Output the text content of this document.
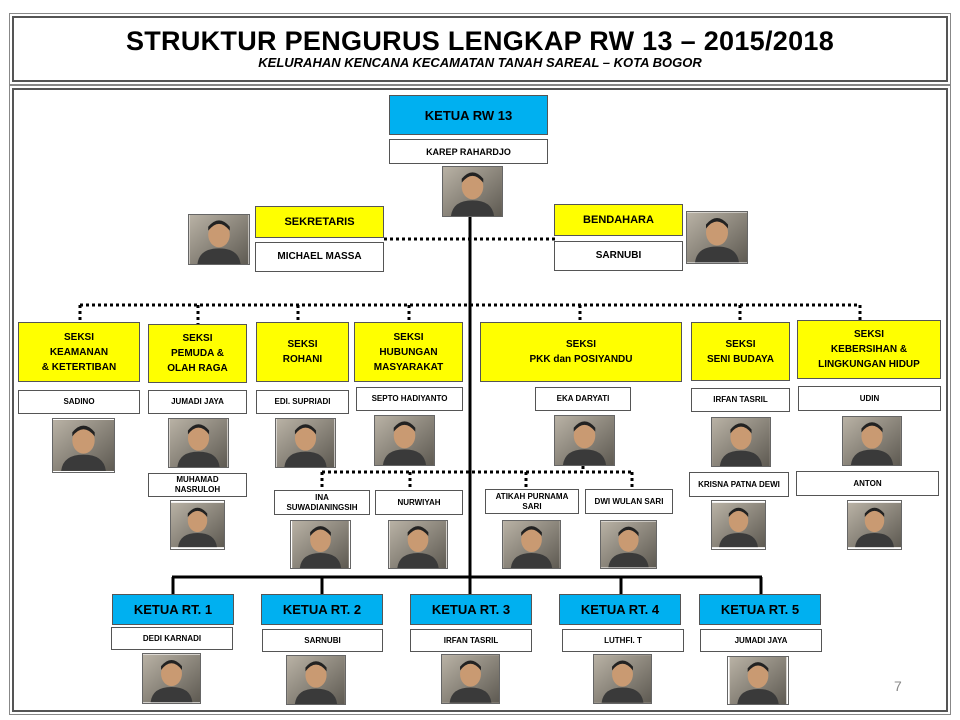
STRUKTUR PENGURUS LENGKAP RW 13 – 2015/2018
KELURAHAN KENCANA KECAMATAN TANAH SAREAL – KOTA BOGOR
KETUA RW 13
KAREP RAHARDJO
SEKRETARIS
MICHAEL MASSA
BENDAHARA
SARNUBI
SEKSI
KEAMANAN
& KETERTIBAN
SADINO
SEKSI
PEMUDA &
OLAH RAGA
JUMADI JAYA
MUHAMAD
NASRULOH
SEKSI
ROHANI
EDI. SUPRIADI
SEKSI
HUBUNGAN
MASYARAKAT
SEPTO HADIYANTO
SEKSI
PKK dan POSIYANDU
EKA DARYATI
SEKSI
SENI BUDAYA
IRFAN TASRIL
KRISNA PATNA DEWI
SEKSI
KEBERSIHAN &
LINGKUNGAN HIDUP
UDIN
ANTON
INA
SUWADIANINGSIH
NURWIYAH
ATIKAH PURNAMA
SARI
DWI WULAN SARI
KETUA RT. 1
DEDI KARNADI
KETUA RT. 2
SARNUBI
KETUA RT. 3
IRFAN TASRIL
KETUA RT. 4
LUTHFI. T
KETUA RT. 5
JUMADI JAYA
7
